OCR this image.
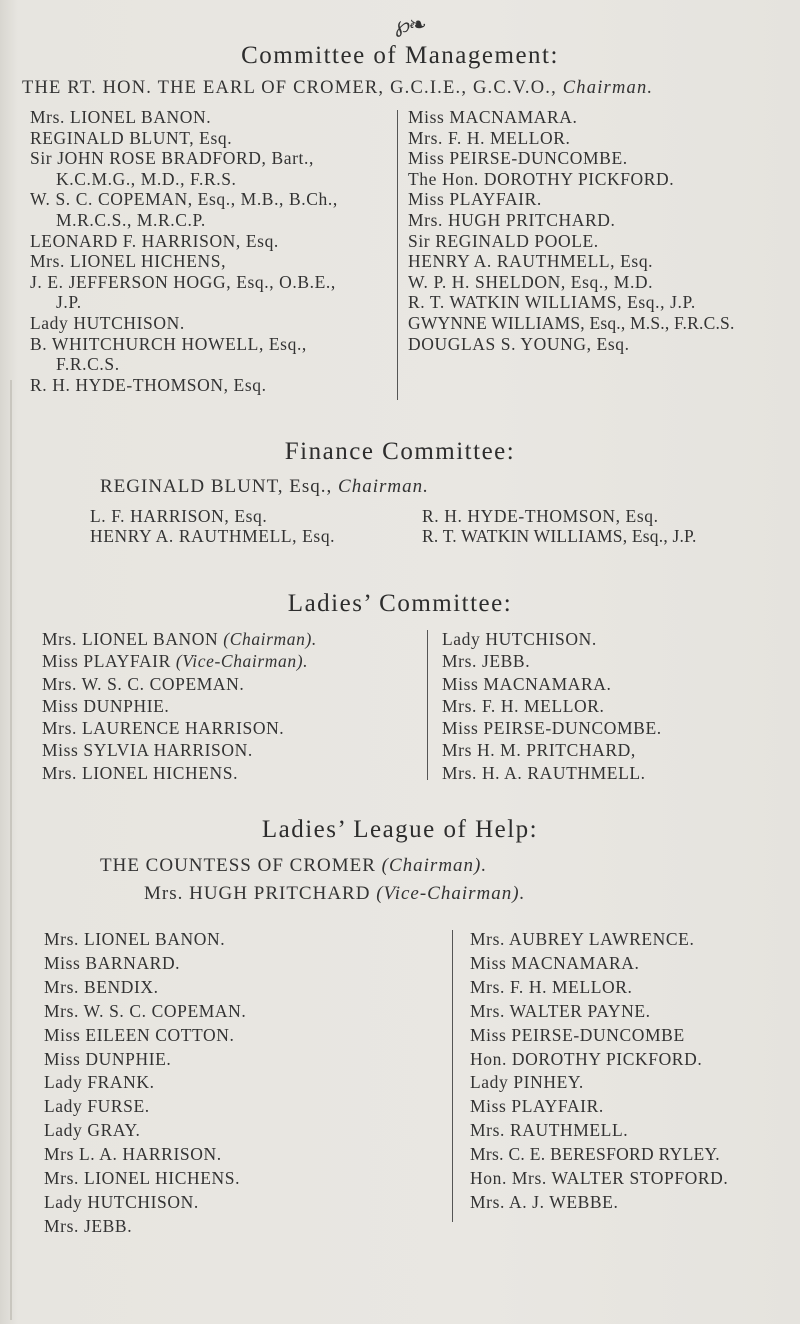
℘❧
Committee of Management:
THE RT. HON. THE EARL OF CROMER, G.C.I.E., G.C.V.O., Chairman.
Mrs. LIONEL BANON.
REGINALD BLUNT, Esq.
Sir JOHN ROSE BRADFORD, Bart.,
K.C.M.G., M.D., F.R.S.
W. S. C. COPEMAN, Esq., M.B., B.Ch.,
M.R.C.S., M.R.C.P.
LEONARD F. HARRISON, Esq.
Mrs. LIONEL HICHENS,
J. E. JEFFERSON HOGG, Esq., O.B.E.,
J.P.
Lady HUTCHISON.
B. WHITCHURCH HOWELL, Esq.,
F.R.C.S.
R. H. HYDE-THOMSON, Esq.
Miss MACNAMARA.
Mrs. F. H. MELLOR.
Miss PEIRSE-DUNCOMBE.
The Hon. DOROTHY PICKFORD.
Miss PLAYFAIR.
Mrs. HUGH PRITCHARD.
Sir REGINALD POOLE.
HENRY A. RAUTHMELL, Esq.
W. P. H. SHELDON, Esq., M.D.
R. T. WATKIN WILLIAMS, Esq., J.P.
GWYNNE WILLIAMS, Esq., M.S., F.R.C.S.
DOUGLAS S. YOUNG, Esq.
Finance Committee:
REGINALD BLUNT, Esq., Chairman.
L. F. HARRISON, Esq.
HENRY A. RAUTHMELL, Esq.
R. H. HYDE-THOMSON, Esq.
R. T. WATKIN WILLIAMS, Esq., J.P.
Ladies’ Committee:
Mrs. LIONEL BANON (Chairman).
Miss PLAYFAIR (Vice-Chairman).
Mrs. W. S. C. COPEMAN.
Miss DUNPHIE.
Mrs. LAURENCE HARRISON.
Miss SYLVIA HARRISON.
Mrs. LIONEL HICHENS.
Lady HUTCHISON.
Mrs. JEBB.
Miss MACNAMARA.
Mrs. F. H. MELLOR.
Miss PEIRSE-DUNCOMBE.
Mrs H. M. PRITCHARD,
Mrs. H. A. RAUTHMELL.
Ladies’ League of Help:
THE COUNTESS OF CROMER (Chairman).
Mrs. HUGH PRITCHARD (Vice-Chairman).
Mrs. LIONEL BANON.
Miss BARNARD.
Mrs. BENDIX.
Mrs. W. S. C. COPEMAN.
Miss EILEEN COTTON.
Miss DUNPHIE.
Lady FRANK.
Lady FURSE.
Lady GRAY.
Mrs L. A. HARRISON.
Mrs. LIONEL HICHENS.
Lady HUTCHISON.
Mrs. JEBB.
Mrs. AUBREY LAWRENCE.
Miss MACNAMARA.
Mrs. F. H. MELLOR.
Mrs. WALTER PAYNE.
Miss PEIRSE-DUNCOMBE
Hon. DOROTHY PICKFORD.
Lady PINHEY.
Miss PLAYFAIR.
Mrs. RAUTHMELL.
Mrs. C. E. BERESFORD RYLEY.
Hon. Mrs. WALTER STOPFORD.
Mrs. A. J. WEBBE.
